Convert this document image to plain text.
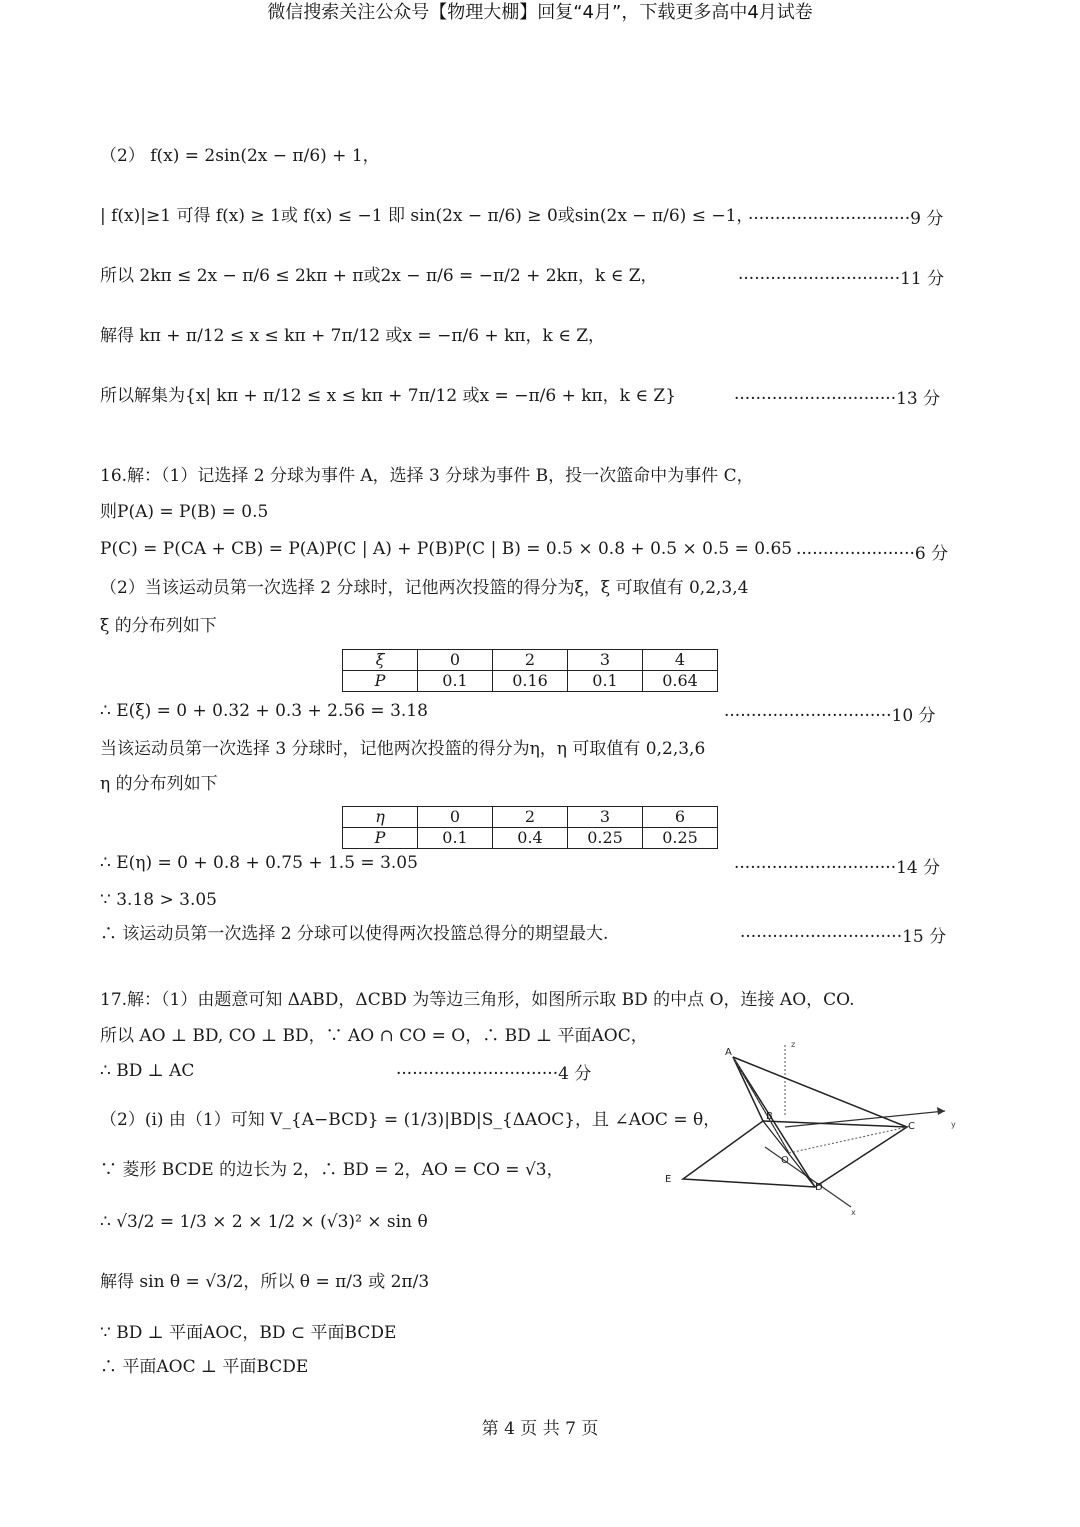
微信搜索关注公众号【物理大棚】回复“4月”，下载更多高中4月试卷
（2） f(x) = 2sin(2x − π/6) + 1，
| f(x)|≥1 可得 f(x) ≥ 1或 f(x) ≤ −1 即 sin(2x − π/6) ≥ 0或sin(2x − π/6) ≤ −1，
······························9 分
所以 2kπ ≤ 2x − π/6 ≤ 2kπ + π或2x − π/6 = −π/2 + 2kπ，k ∈ Z，	······························11 分
解得 kπ + π/12 ≤ x ≤ kπ + 7π/12 或x = −π/6 + kπ，k ∈ Z，
所以解集为{x| kπ + π/12 ≤ x ≤ kπ + 7π/12 或x = −π/6 + kπ，k ∈ Z}	······························13 分
16.解：（1）记选择 2 分球为事件 A，选择 3 分球为事件 B，投一次篮命中为事件 C，
则P(A) = P(B) = 0.5
P(C) = P(CA + CB) = P(A)P(C | A) + P(B)P(C | B) = 0.5 × 0.8 + 0.5 × 0.5 = 0.65 ······················6 分
（2）当该运动员第一次选择 2 分球时，记他两次投篮的得分为ξ，ξ 可取值有 0,2,3,4
ξ 的分布列如下
ξ	0	2	3	4
P	0.1	0.16	0.1	0.64
∴ E(ξ) = 0 + 0.32 + 0.3 + 2.56 = 3.18	·······························10 分
当该运动员第一次选择 3 分球时，记他两次投篮的得分为η，η 可取值有 0,2,3,6
η 的分布列如下
η	0	2	3	6
P	0.1	0.4	0.25	0.25
∴ E(η) = 0 + 0.8 + 0.75 + 1.5 = 3.05	······························14 分
∵ 3.18 > 3.05
∴ 该运动员第一次选择 2 分球可以使得两次投篮总得分的期望最大.	······························15 分
17.解：（1）由题意可知 ΔABD，ΔCBD 为等边三角形，如图所示取 BD 的中点 O，连接 AO，CO.
所以 AO ⊥ BD, CO ⊥ BD，∵ AO ∩ CO = O，∴ BD ⊥ 平面AOC，
∴ BD ⊥ AC	······························4 分
（2）(i) 由（1）可知 V_{A−BCD} = (1/3)|BD|S_{ΔAOC}，且 ∠AOC = θ，
∵ 菱形 BCDE 的边长为 2，∴ BD = 2，AO = CO = √3，
∴ √3/2 = 1/3 × 2 × 1/2 × (√3)² × sin θ
解得 sin θ = √3/2，所以 θ = π/3 或 2π/3
∵ BD ⊥ 平面AOC，BD ⊂ 平面BCDE
∴ 平面AOC ⊥ 平面BCDE
A
B
C
D
E
O
x
y
z
第 4 页 共 7 页
